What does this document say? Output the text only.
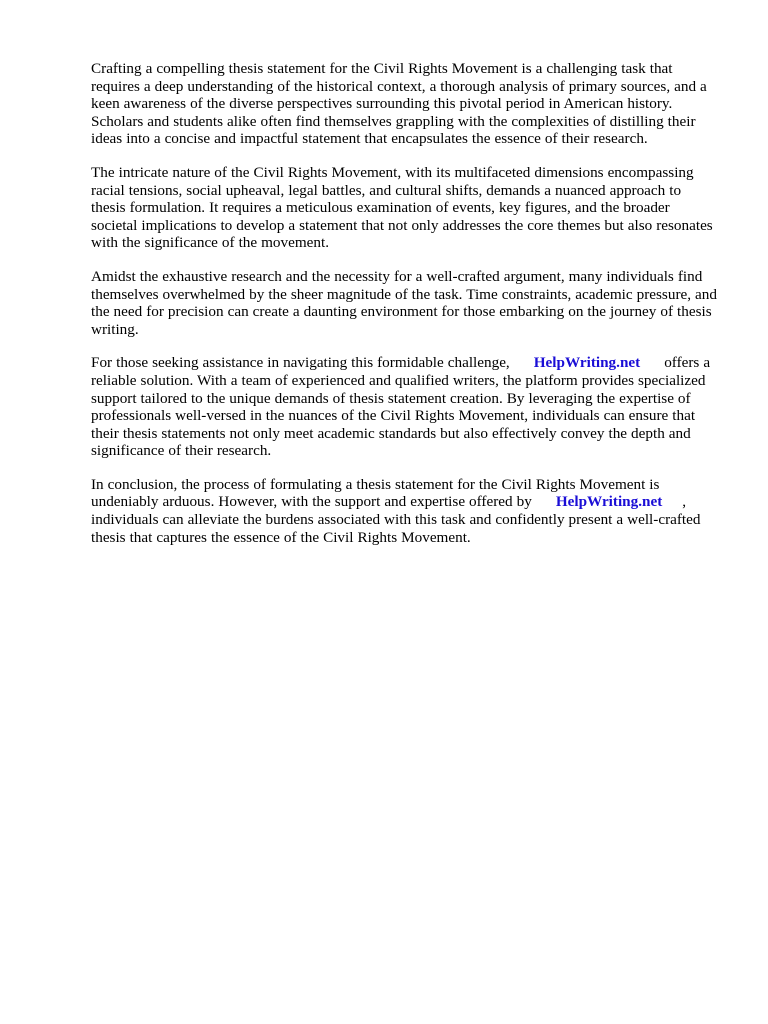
Crafting a compelling thesis statement for the Civil Rights Movement is a challenging task that requires a deep understanding of the historical context, a thorough analysis of primary sources, and a keen awareness of the diverse perspectives surrounding this pivotal period in American history. Scholars and students alike often find themselves grappling with the complexities of distilling their ideas into a concise and impactful statement that encapsulates the essence of their research.

The intricate nature of the Civil Rights Movement, with its multifaceted dimensions encompassing racial tensions, social upheaval, legal battles, and cultural shifts, demands a nuanced approach to thesis formulation. It requires a meticulous examination of events, key figures, and the broader societal implications to develop a statement that not only addresses the core themes but also resonates with the significance of the movement.

Amidst the exhaustive research and the necessity for a well-crafted argument, many individuals find themselves overwhelmed by the sheer magnitude of the task. Time constraints, academic pressure, and the need for precision can create a daunting environment for those embarking on the journey of thesis writing.

For those seeking assistance in navigating this formidable challenge, HelpWriting.net offers a reliable solution. With a team of experienced and qualified writers, the platform provides specialized support tailored to the unique demands of thesis statement creation. By leveraging the expertise of professionals well-versed in the nuances of the Civil Rights Movement, individuals can ensure that their thesis statements not only meet academic standards but also effectively convey the depth and significance of their research.

In conclusion, the process of formulating a thesis statement for the Civil Rights Movement is undeniably arduous. However, with the support and expertise offered by HelpWriting.net , individuals can alleviate the burdens associated with this task and confidently present a well-crafted thesis that captures the essence of the Civil Rights Movement.
